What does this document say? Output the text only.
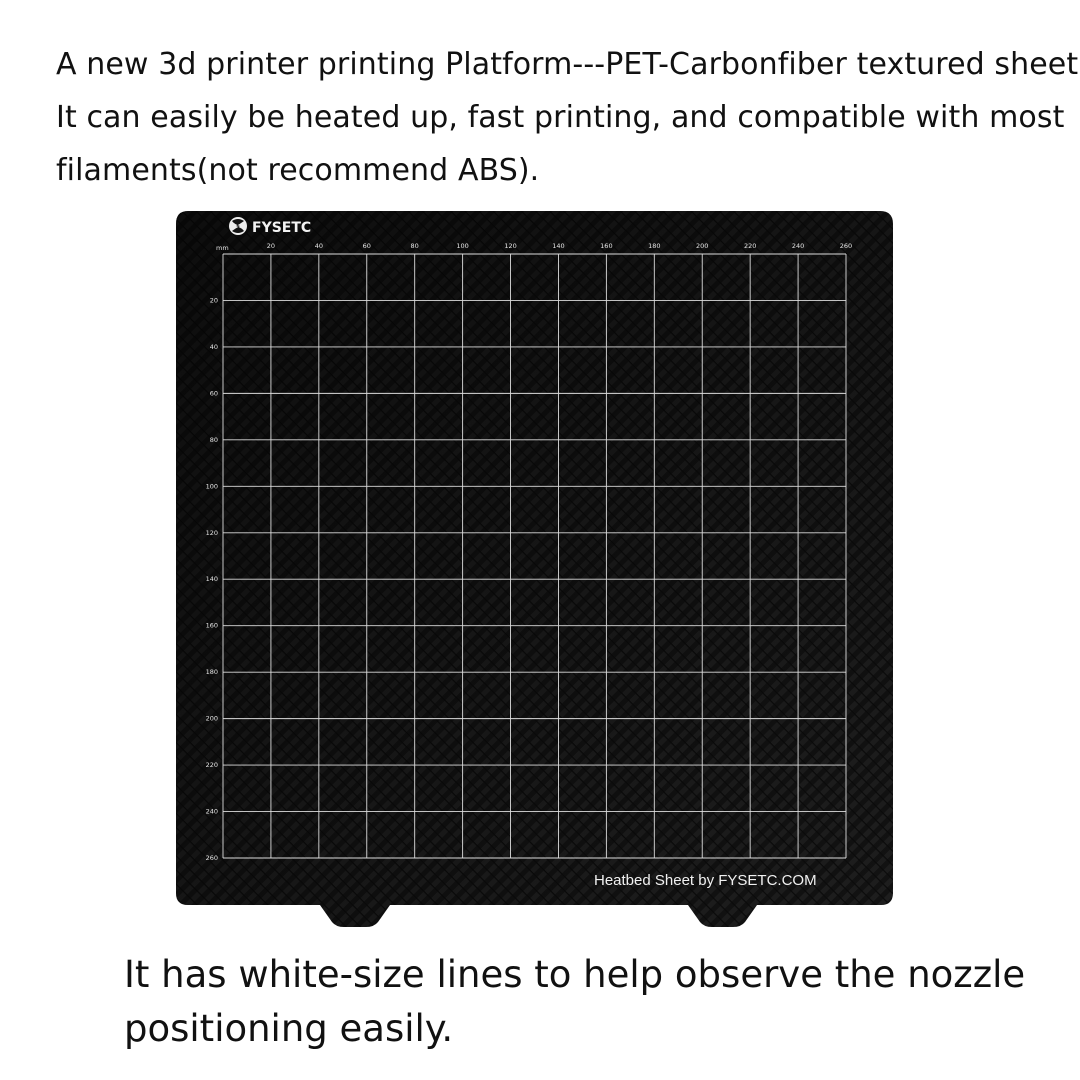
A new 3d printer printing Platform---PET-Carbonfiber textured sheet
It can easily be heated up, fast printing, and compatible with most
filaments(not recommend ABS).
FYSETC
20	40	60	80	100	120	140	160	180	200	220	240	260
20
40
60
80
100
120
140
160
180
200
220
240
260
mm
Heatbed Sheet by FYSETC.COM
It has white-size lines to help observe the nozzle
positioning easily.
